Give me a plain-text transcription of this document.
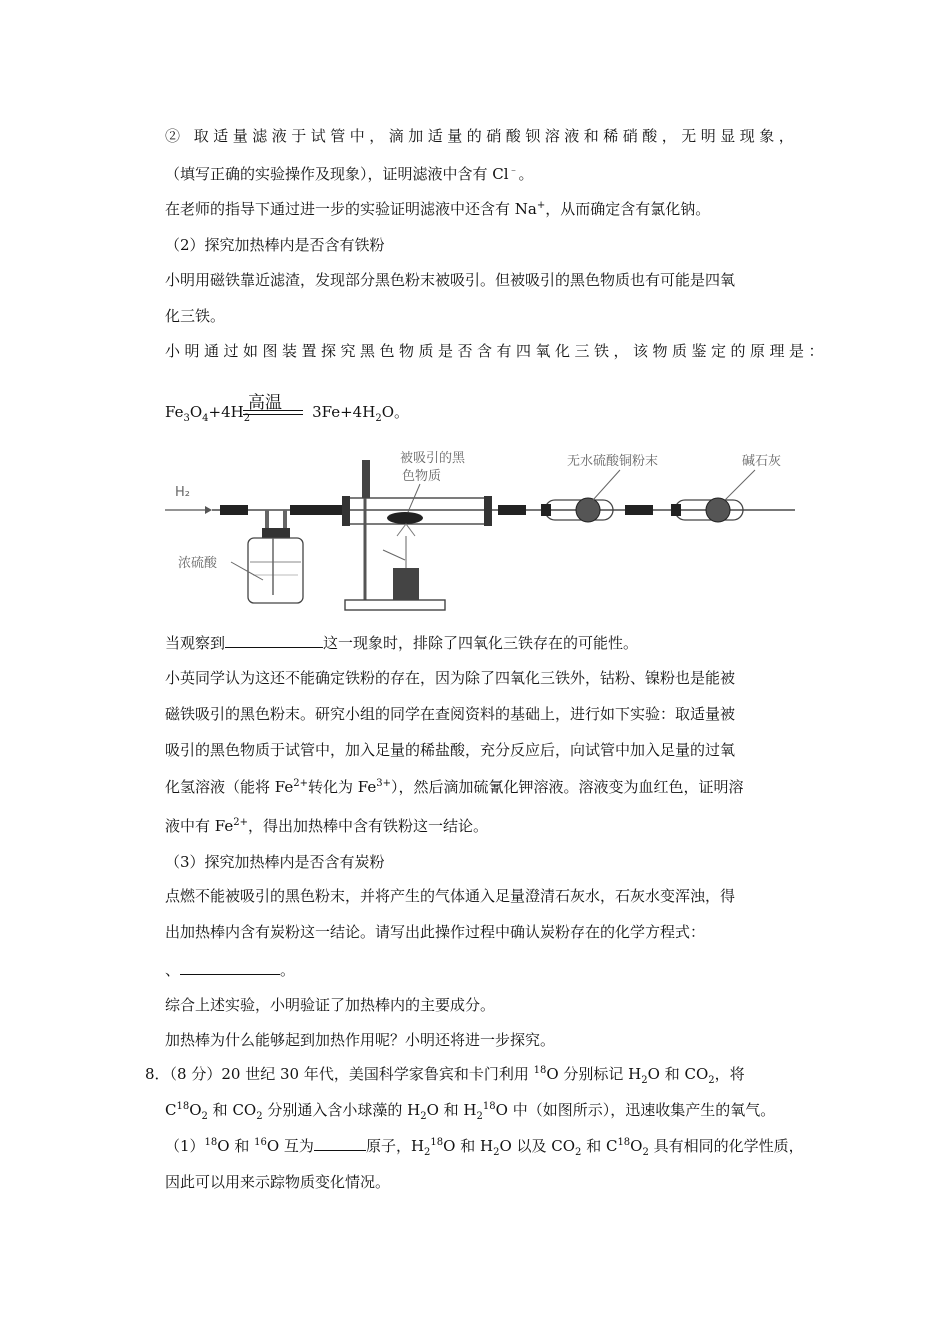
② 取适量滤液于试管中，滴加适量的硝酸钡溶液和稀硝酸，无明显现象，
（填写正确的实验操作及现象），证明滤液中含有 Cl﹣。
在老师的指导下通过进一步的实验证明滤液中还含有 Na+，从而确定含有氯化钠。
（2）探究加热棒内是否含有铁粉
小明用磁铁靠近滤渣，发现部分黑色粉末被吸引。但被吸引的黑色物质也有可能是四氧
化三铁。
小明通过如图装置探究黑色物质是否含有四氧化三铁，该物质鉴定的原理是：
高温
$Fe_3O_4+4H_2$	$3Fe+4H_2O$。
H₂
浓硫酸
被吸引的黑
色物质
无水硫酸铜粉末	碱石灰
当观察到	这一现象时，排除了四氧化三铁存在的可能性。
小英同学认为这还不能确定铁粉的存在，因为除了四氧化三铁外，钴粉、镍粉也是能被
磁铁吸引的黑色粉末。研究小组的同学在查阅资料的基础上，进行如下实验：取适量被
吸引的黑色物质于试管中，加入足量的稀盐酸，充分反应后，向试管中加入足量的过氧
化氢溶液（能将 $Fe^{2+}$转化为 $Fe^{3+}$），然后滴加硫氰化钾溶液。溶液变为血红色，证明溶
液中有 $Fe^{2+}$，得出加热棒中含有铁粉这一结论。
（3）探究加热棒内是否含有炭粉
点燃不能被吸引的黑色粉末，并将产生的气体通入足量澄清石灰水，石灰水变浑浊，得
出加热棒内含有炭粉这一结论。请写出此操作过程中确认炭粉存在的化学方程式：
、	。
综合上述实验，小明验证了加热棒内的主要成分。
加热棒为什么能够起到加热作用呢？小明还将进一步探究。
8．（8 分）20 世纪 30 年代，美国科学家鲁宾和卡门利用 $^{18}$O 分别标记 $H_2O$ 和 $CO_2$，将
$C^{18}O_2$ 和 $CO_2$ 分别通入含小球藻的 $H_2O$ 和 $H_2^{18}O$ 中（如图所示），迅速收集产生的氧气。
$(1)^{18}O$ 和 $^{16}$O 互为	原子，$H_2^{18}O$ 和 $H_2O$ 以及 $CO_2$ 和 $C^{18}O_2$ 具有相同的化学性质，
因此可以用来示踪物质变化情况。
